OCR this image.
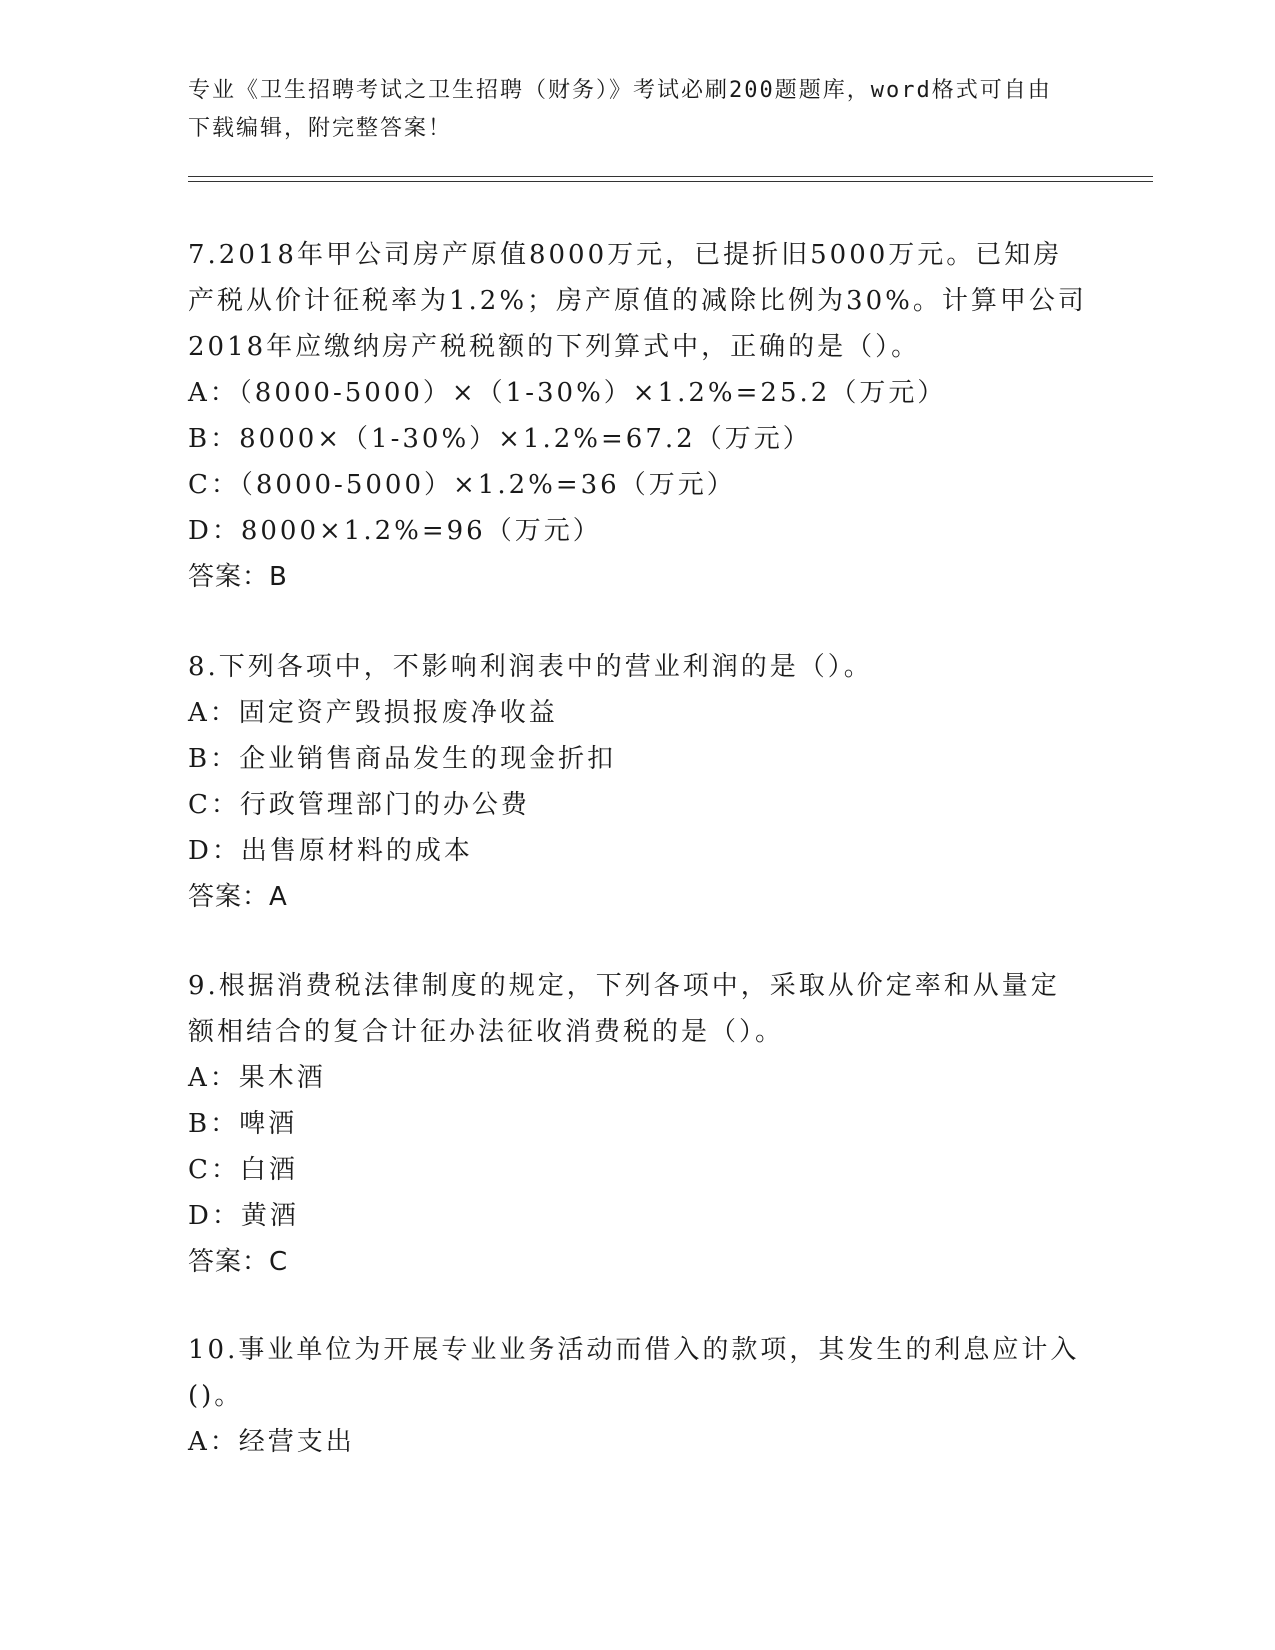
专业《卫生招聘考试之卫生招聘（财务）》考试必刷200题题库，word格式可自由下载编辑，附完整答案！
7.2018年甲公司房产原值8000万元，已提折旧5000万元。已知房产税从价计征税率为1.2%；房产原值的减除比例为30%。计算甲公司2018年应缴纳房产税税额的下列算式中，正确的是（）。
A：（8000-5000）×（1-30%）×1.2%=25.2（万元）
B：8000×（1-30%）×1.2%=67.2（万元）
C：（8000-5000）×1.2%=36（万元）
D：8000×1.2%=96（万元）
答案：B
8.下列各项中，不影响利润表中的营业利润的是（）。
A：固定资产毁损报废净收益
B：企业销售商品发生的现金折扣
C：行政管理部门的办公费
D：出售原材料的成本
答案：A
9.根据消费税法律制度的规定，下列各项中，采取从价定率和从量定额相结合的复合计征办法征收消费税的是（）。
A：果木酒
B：啤酒
C：白酒
D：黄酒
答案：C
10.事业单位为开展专业业务活动而借入的款项，其发生的利息应计入()。
A：经营支出
